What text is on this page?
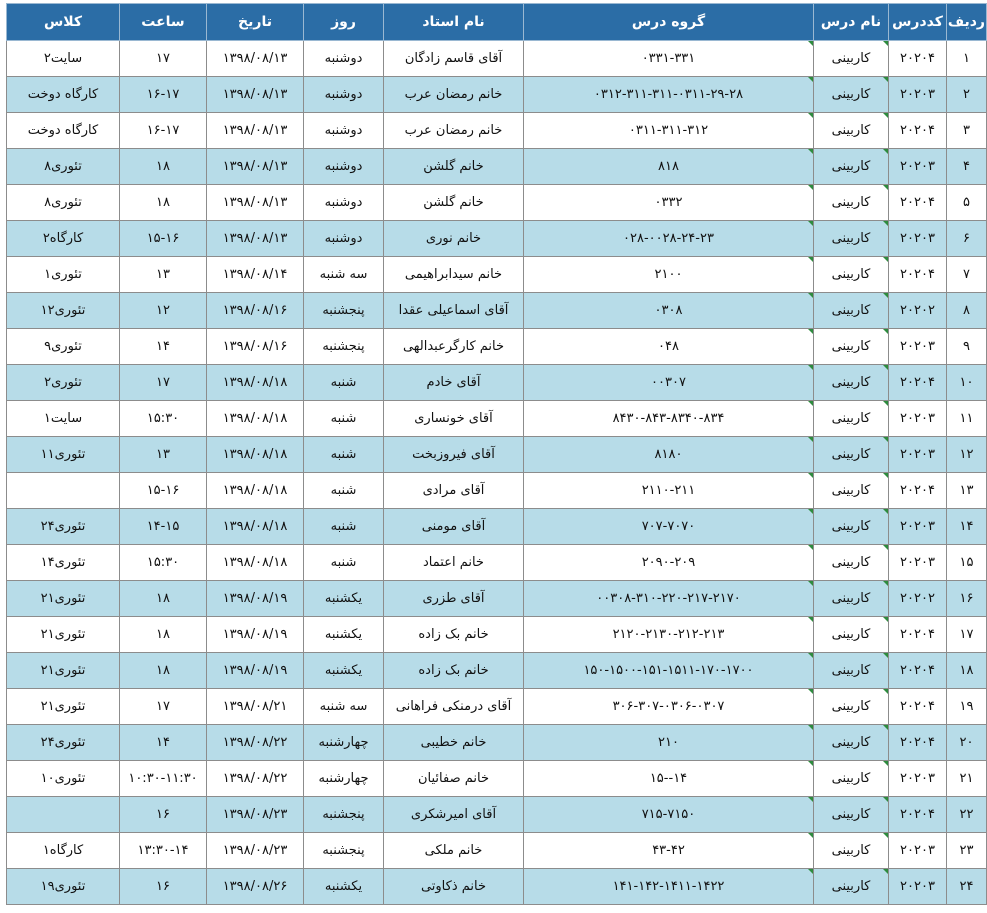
ردیف	کددرس	نام درس	گروه درس	نام استاد	روز	تاریخ	ساعت	کلاس
۱	۲۰۲۰۴	کاربینی	۰۳۳۱-۳۳۱	آقای قاسم زادگان	دوشنبه	۱۳۹۸/۰۸/۱۳	۱۷	سایت۲
۲	۲۰۲۰۳	کاربینی	۰۳۱۲-۳۱۱-۳۱۱-۰۳۱۱-۲۹-۲۸	خانم رمضان عرب	دوشنبه	۱۳۹۸/۰۸/۱۳	۱۶-۱۷	کارگاه دوخت
۳	۲۰۲۰۴	کاربینی	۰۳۱۱-۳۱۱-۳۱۲	خانم رمضان عرب	دوشنبه	۱۳۹۸/۰۸/۱۳	۱۶-۱۷	کارگاه دوخت
۴	۲۰۲۰۳	کاربینی	۸۱۸	خانم گلشن	دوشنبه	۱۳۹۸/۰۸/۱۳	۱۸	تئوری۸
۵	۲۰۲۰۴	کاربینی	۰۳۳۲	خانم گلشن	دوشنبه	۱۳۹۸/۰۸/۱۳	۱۸	تئوری۸
۶	۲۰۲۰۳	کاربینی	۰۲۸-۰۰۲۸-۲۴-۲۳	خانم نوری	دوشنبه	۱۳۹۸/۰۸/۱۳	۱۵-۱۶	کارگاه۲
۷	۲۰۲۰۴	کاربینی	۲۱۰۰	خانم سیدابراهیمی	سه شنبه	۱۳۹۸/۰۸/۱۴	۱۳	تئوری۱
۸	۲۰۲۰۲	کاربینی	۰۳۰۸	آقای اسماعیلی عقدا	پنجشنبه	۱۳۹۸/۰۸/۱۶	۱۲	تئوری۱۲
۹	۲۰۲۰۳	کاربینی	۰۴۸	خانم کارگرعبدالهی	پنجشنبه	۱۳۹۸/۰۸/۱۶	۱۴	تئوری۹
۱۰	۲۰۲۰۴	کاربینی	۰۰۳۰۷	آقای خادم	شنبه	۱۳۹۸/۰۸/۱۸	۱۷	تئوری۲
۱۱	۲۰۲۰۳	کاربینی	۸۴۳۰-۸۴۳-۸۳۴۰-۸۳۴	آقای خونساری	شنبه	۱۳۹۸/۰۸/۱۸	۱۵:۳۰	سایت۱
۱۲	۲۰۲۰۳	کاربینی	۸۱۸۰	آقای فیروزبخت	شنبه	۱۳۹۸/۰۸/۱۸	۱۳	تئوری۱۱
۱۳	۲۰۲۰۴	کاربینی	۲۱۱۰-۲۱۱	آقای مرادی	شنبه	۱۳۹۸/۰۸/۱۸	۱۵-۱۶	
۱۴	۲۰۲۰۳	کاربینی	۷۰۷-۷۰۷۰	آقای مومنی	شنبه	۱۳۹۸/۰۸/۱۸	۱۴-۱۵	تئوری۲۴
۱۵	۲۰۲۰۳	کاربینی	۲۰۹۰-۲۰۹	خانم اعتماد	شنبه	۱۳۹۸/۰۸/۱۸	۱۵:۳۰	تئوری۱۴
۱۶	۲۰۲۰۲	کاربینی	۰۰۳۰۸-۳۱۰-۲۲۰-۲۱۷-۲۱۷۰	آقای طزری	یکشنبه	۱۳۹۸/۰۸/۱۹	۱۸	تئوری۲۱
۱۷	۲۰۲۰۴	کاربینی	۲۱۲۰-۲۱۳۰-۲۱۲-۲۱۳	خانم بک زاده	یکشنبه	۱۳۹۸/۰۸/۱۹	۱۸	تئوری۲۱
۱۸	۲۰۲۰۴	کاربینی	۱۵۰-۱۵۰۰-۱۵۱-۱۵۱۱-۱۷۰-۱۷۰۰	خانم بک زاده	یکشنبه	۱۳۹۸/۰۸/۱۹	۱۸	تئوری۲۱
۱۹	۲۰۲۰۴	کاربینی	۳۰۶-۳۰۷-۰۳۰۶-۰۳۰۷	آقای درمنکی فراهانی	سه شنبه	۱۳۹۸/۰۸/۲۱	۱۷	تئوری۲۱
۲۰	۲۰۲۰۴	کاربینی	۲۱۰	خانم خطیبی	چهارشنبه	۱۳۹۸/۰۸/۲۲	۱۴	تئوری۲۴
۲۱	۲۰۲۰۳	کاربینی	۱۴--۱۵	خانم صفائیان	چهارشنبه	۱۳۹۸/۰۸/۲۲	۱۰:۳۰-۱۱:۳۰	تئوری۱۰
۲۲	۲۰۲۰۴	کاربینی	۷۱۵-۷۱۵۰	آقای امیرشکری	پنجشنبه	۱۳۹۸/۰۸/۲۳	۱۶	
۲۳	۲۰۲۰۳	کاربینی	۴۳-۴۲	خانم ملکی	پنجشنبه	۱۳۹۸/۰۸/۲۳	۱۳:۳۰-۱۴	کارگاه۱
۲۴	۲۰۲۰۳	کاربینی	۱۴۱-۱۴۲-۱۴۱۱-۱۴۲۲	خانم ذکاوتی	یکشنبه	۱۳۹۸/۰۸/۲۶	۱۶	تئوری۱۹
